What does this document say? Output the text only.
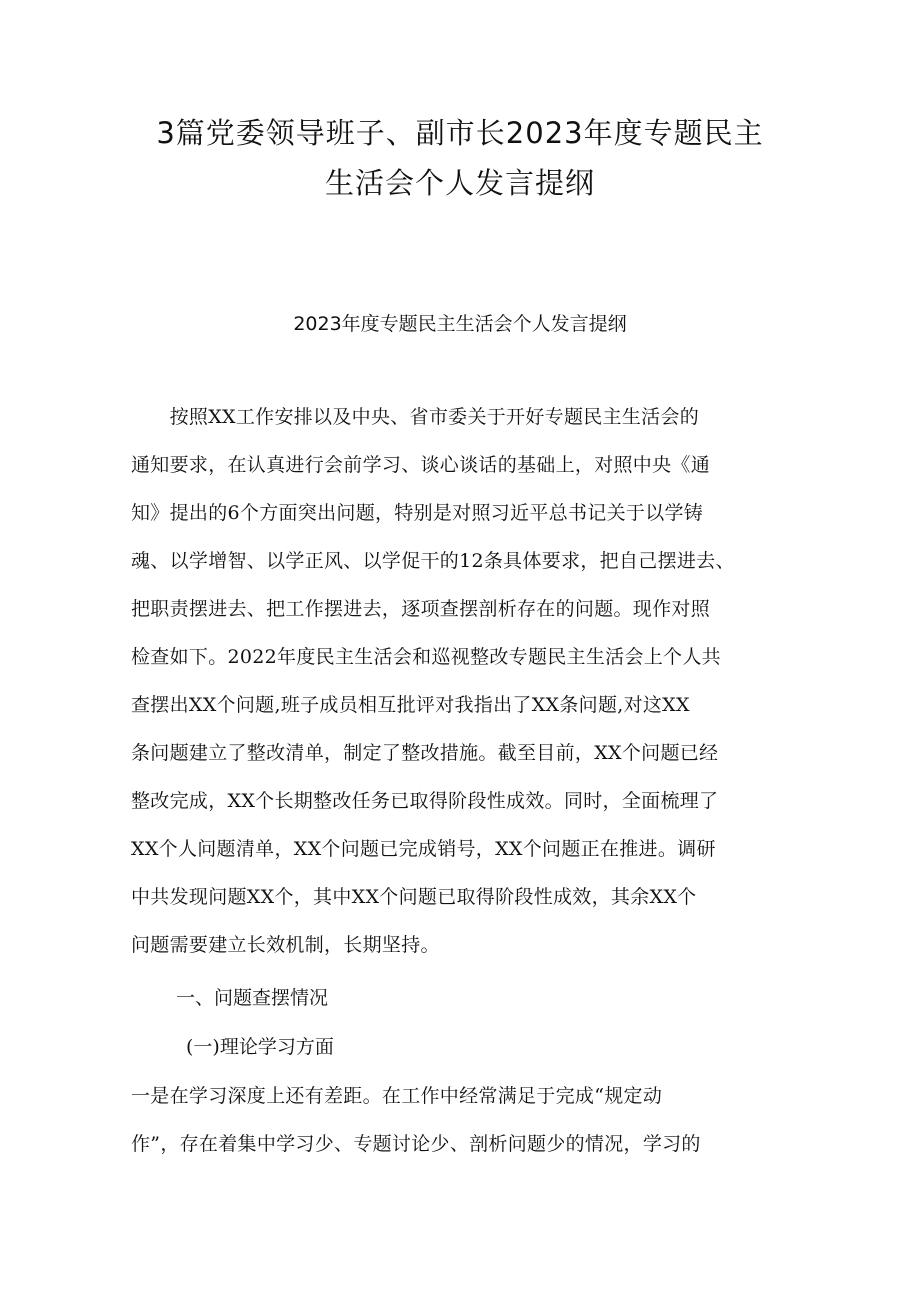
3篇党委领导班子、副市长2023年度专题民主
生活会个人发言提纲
2023年度专题民主生活会个人发言提纲
　　按照XX工作安排以及中央、省市委关于开好专题民主生活会的
通知要求，在认真进行会前学习、谈心谈话的基础上，对照中央《通
知》提出的6个方面突出问题，特别是对照习近平总书记关于以学铸
魂、以学增智、以学正风、以学促干的12条具体要求，把自己摆进去、
把职责摆进去、把工作摆进去，逐项查摆剖析存在的问题。现作对照
检查如下。2022年度民主生活会和巡视整改专题民主生活会上个人共
查摆出XX个问题,班子成员相互批评对我指出了XX条问题,对这XX
条问题建立了整改清单，制定了整改措施。截至目前，XX个问题已经
整改完成，XX个长期整改任务已取得阶段性成效。同时，全面梳理了
XX个人问题清单，XX个问题已完成销号，XX个问题正在推进。调研
中共发现问题XX个，其中XX个问题已取得阶段性成效，其余XX个
问题需要建立长效机制，长期坚持。
一、问题查摆情况
(一)理论学习方面
一是在学习深度上还有差距。在工作中经常满足于完成“规定动
作”，存在着集中学习少、专题讨论少、剖析问题少的情况，学习的
